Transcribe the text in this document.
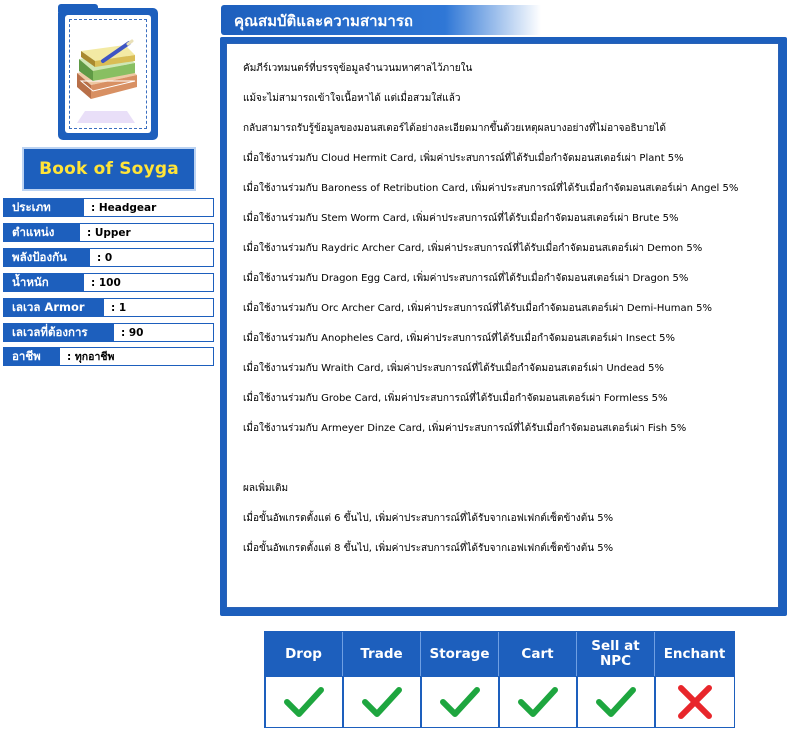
Book of Soyga
ประเภท	: Headgear
ตำแหน่ง	: Upper
พลังป้องกัน	: 0
น้ำหนัก	: 100
เลเวล Armor	: 1
เลเวลที่ต้องการ	: 90
อาชีพ	: ทุกอาชีพ
คุณสมบัติและความสามารถ
คัมภีร์เวทมนตร์ที่บรรจุข้อมูลจำนวนมหาศาลไว้ภายใน
แม้จะไม่สามารถเข้าใจเนื้อหาได้ แต่เมื่อสวมใส่แล้ว
กลับสามารถรับรู้ข้อมูลของมอนสเตอร์ได้อย่างละเอียดมากขึ้นด้วยเหตุผลบางอย่างที่ไม่อาจอธิบายได้
เมื่อใช้งานร่วมกับ Cloud Hermit Card, เพิ่มค่าประสบการณ์ที่ได้รับเมื่อกำจัดมอนสเตอร์เผ่า Plant 5%
เมื่อใช้งานร่วมกับ Baroness of Retribution Card, เพิ่มค่าประสบการณ์ที่ได้รับเมื่อกำจัดมอนสเตอร์เผ่า Angel 5%
เมื่อใช้งานร่วมกับ Stem Worm Card, เพิ่มค่าประสบการณ์ที่ได้รับเมื่อกำจัดมอนสเตอร์เผ่า Brute 5%
เมื่อใช้งานร่วมกับ Raydric Archer Card, เพิ่มค่าประสบการณ์ที่ได้รับเมื่อกำจัดมอนสเตอร์เผ่า Demon 5%
เมื่อใช้งานร่วมกับ Dragon Egg Card, เพิ่มค่าประสบการณ์ที่ได้รับเมื่อกำจัดมอนสเตอร์เผ่า Dragon 5%
เมื่อใช้งานร่วมกับ Orc Archer Card, เพิ่มค่าประสบการณ์ที่ได้รับเมื่อกำจัดมอนสเตอร์เผ่า Demi-Human 5%
เมื่อใช้งานร่วมกับ Anopheles Card, เพิ่มค่าประสบการณ์ที่ได้รับเมื่อกำจัดมอนสเตอร์เผ่า Insect 5%
เมื่อใช้งานร่วมกับ Wraith Card, เพิ่มค่าประสบการณ์ที่ได้รับเมื่อกำจัดมอนสเตอร์เผ่า Undead 5%
เมื่อใช้งานร่วมกับ Grobe Card, เพิ่มค่าประสบการณ์ที่ได้รับเมื่อกำจัดมอนสเตอร์เผ่า Formless 5%
เมื่อใช้งานร่วมกับ Armeyer Dinze Card, เพิ่มค่าประสบการณ์ที่ได้รับเมื่อกำจัดมอนสเตอร์เผ่า Fish 5%
ผลเพิ่มเติม
เมื่อขั้นอัพเกรดตั้งแต่ 6 ขึ้นไป, เพิ่มค่าประสบการณ์ที่ได้รับจากเอฟเฟกต์เซ็ตข้างต้น 5%
เมื่อขั้นอัพเกรดตั้งแต่ 8 ขึ้นไป, เพิ่มค่าประสบการณ์ที่ได้รับจากเอฟเฟกต์เซ็ตข้างต้น 5%
Drop	Trade	Storage	Cart	Sell at NPC	Enchant
